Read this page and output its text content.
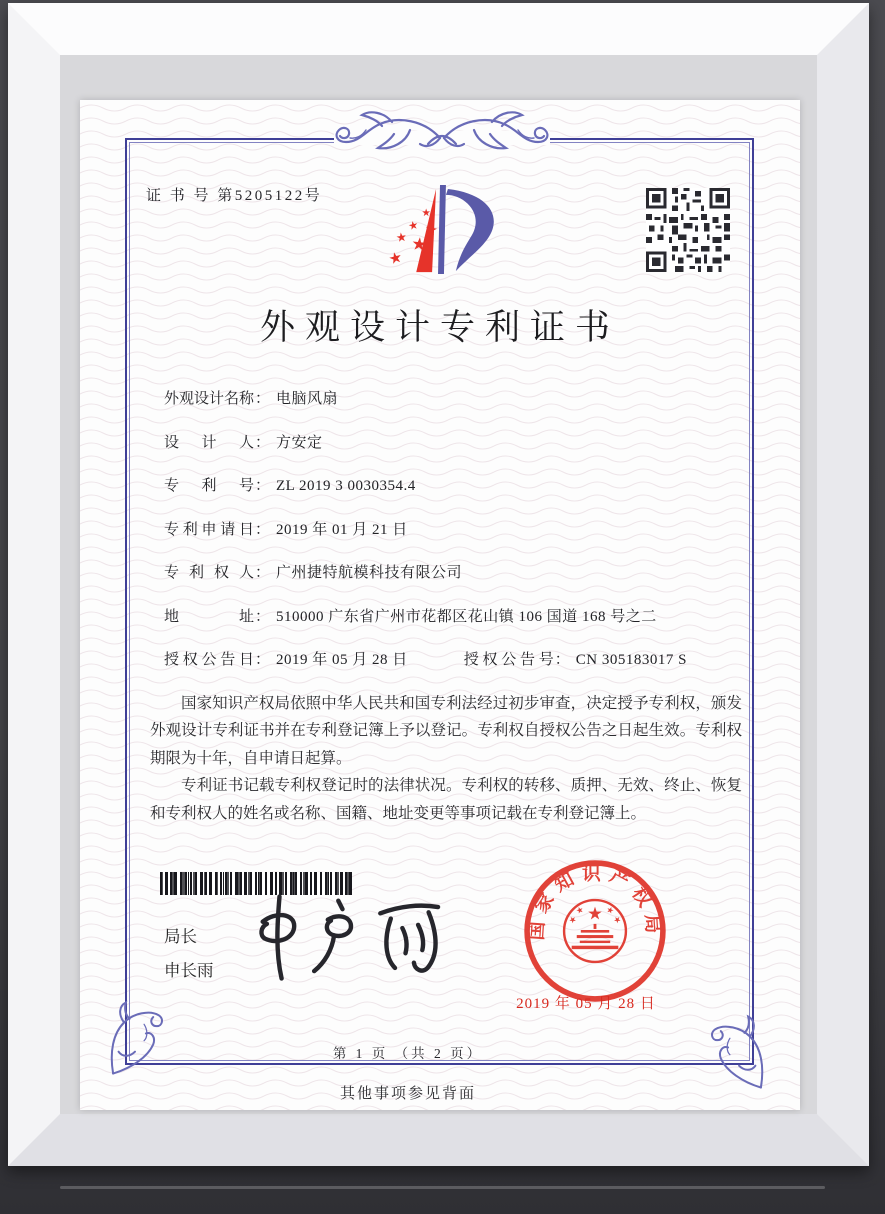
证 书 号 第5205122号
外观设计专利证书
外观设计名称： 电脑风扇
设计人： 方安定
专利号： ZL 2019 3 0030354.4
专利申请日： 2019 年 01 月 21 日
专利权人： 广州捷特航模科技有限公司
地址： 510000 广东省广州市花都区花山镇 106 国道 168 号之二
授权公告日： 2019 年 05 月 28 日	授权公告号： CN 305183017 S

国家知识产权局依照中华人民共和国专利法经过初步审查，决定授予专利权，颁发外观设计专利证书并在专利登记簿上予以登记。专利权自授权公告之日起生效。专利权期限为十年，自申请日起算。

专利证书记载专利权登记时的法律状况。专利权的转移、质押、无效、终止、恢复和专利权人的姓名或名称、国籍、地址变更等事项记载在专利登记簿上。

局长
申长雨
国家知识产权局
2019 年 05 月 28 日
第 1 页 （共 2 页）
其他事项参见背面
